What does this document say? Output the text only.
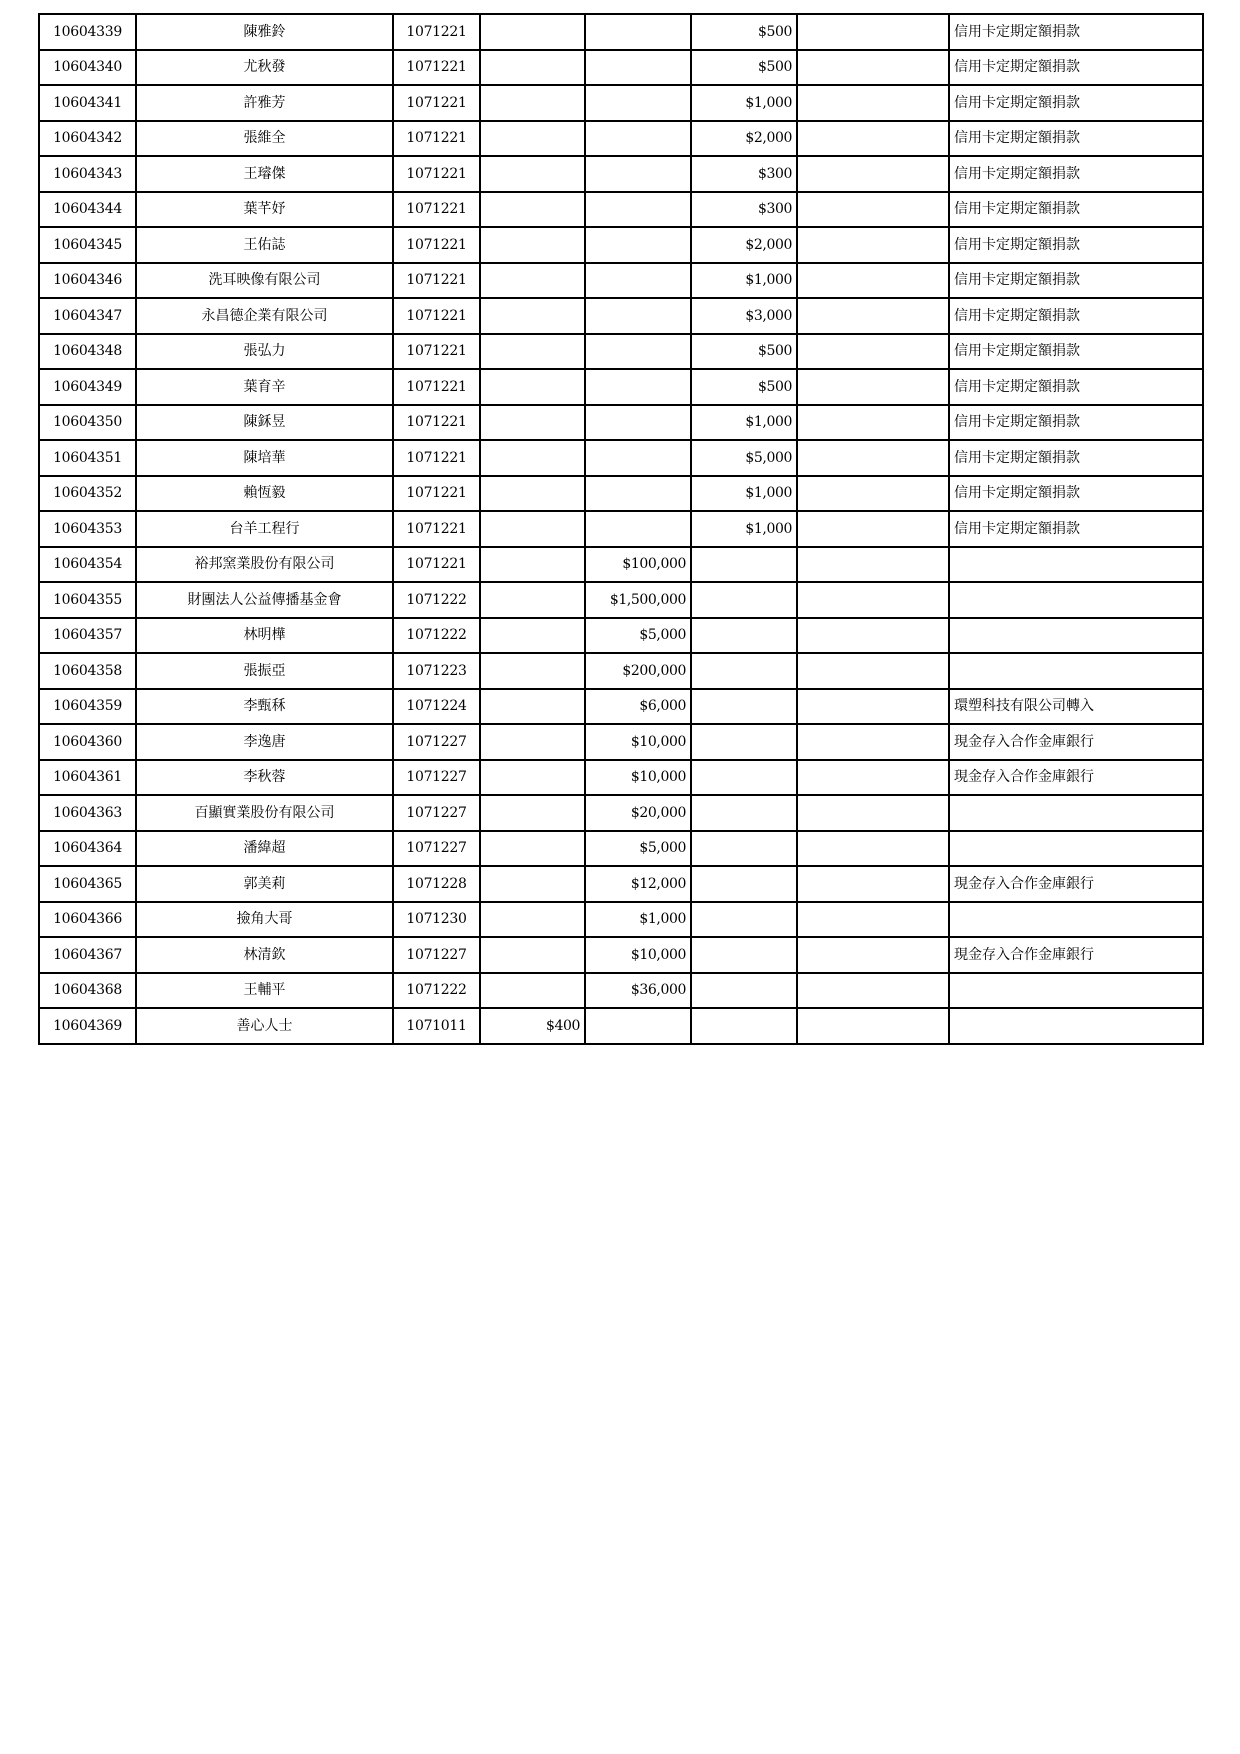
10604339	陳雅鈴	1071221			$500		信用卡定期定額捐款
10604340	尤秋發	1071221			$500		信用卡定期定額捐款
10604341	許雅芳	1071221			$1,000		信用卡定期定額捐款
10604342	張維全	1071221			$2,000		信用卡定期定額捐款
10604343	王璿傑	1071221			$300		信用卡定期定額捐款
10604344	葉芊妤	1071221			$300		信用卡定期定額捐款
10604345	王佑誌	1071221			$2,000		信用卡定期定額捐款
10604346	洗耳映像有限公司	1071221			$1,000		信用卡定期定額捐款
10604347	永昌德企業有限公司	1071221			$3,000		信用卡定期定額捐款
10604348	張弘力	1071221			$500		信用卡定期定額捐款
10604349	葉育辛	1071221			$500		信用卡定期定額捐款
10604350	陳鉌昱	1071221			$1,000		信用卡定期定額捐款
10604351	陳培華	1071221			$5,000		信用卡定期定額捐款
10604352	賴恆毅	1071221			$1,000		信用卡定期定額捐款
10604353	台羊工程行	1071221			$1,000		信用卡定期定額捐款
10604354	裕邦窯業股份有限公司	1071221		$100,000			
10604355	財團法人公益傳播基金會	1071222		$1,500,000			
10604357	林明樺	1071222		$5,000			
10604358	張振亞	1071223		$200,000			
10604359	李甄秝	1071224		$6,000			環塑科技有限公司轉入
10604360	李逸唐	1071227		$10,000			現金存入合作金庫銀行
10604361	李秋蓉	1071227		$10,000			現金存入合作金庫銀行
10604363	百顯實業股份有限公司	1071227		$20,000			
10604364	潘緯超	1071227		$5,000			
10604365	郭美莉	1071228		$12,000			現金存入合作金庫銀行
10604366	撿角大哥	1071230		$1,000			
10604367	林清欽	1071227		$10,000			現金存入合作金庫銀行
10604368	王輔平	1071222		$36,000			
10604369	善心人士	1071011	$400				
